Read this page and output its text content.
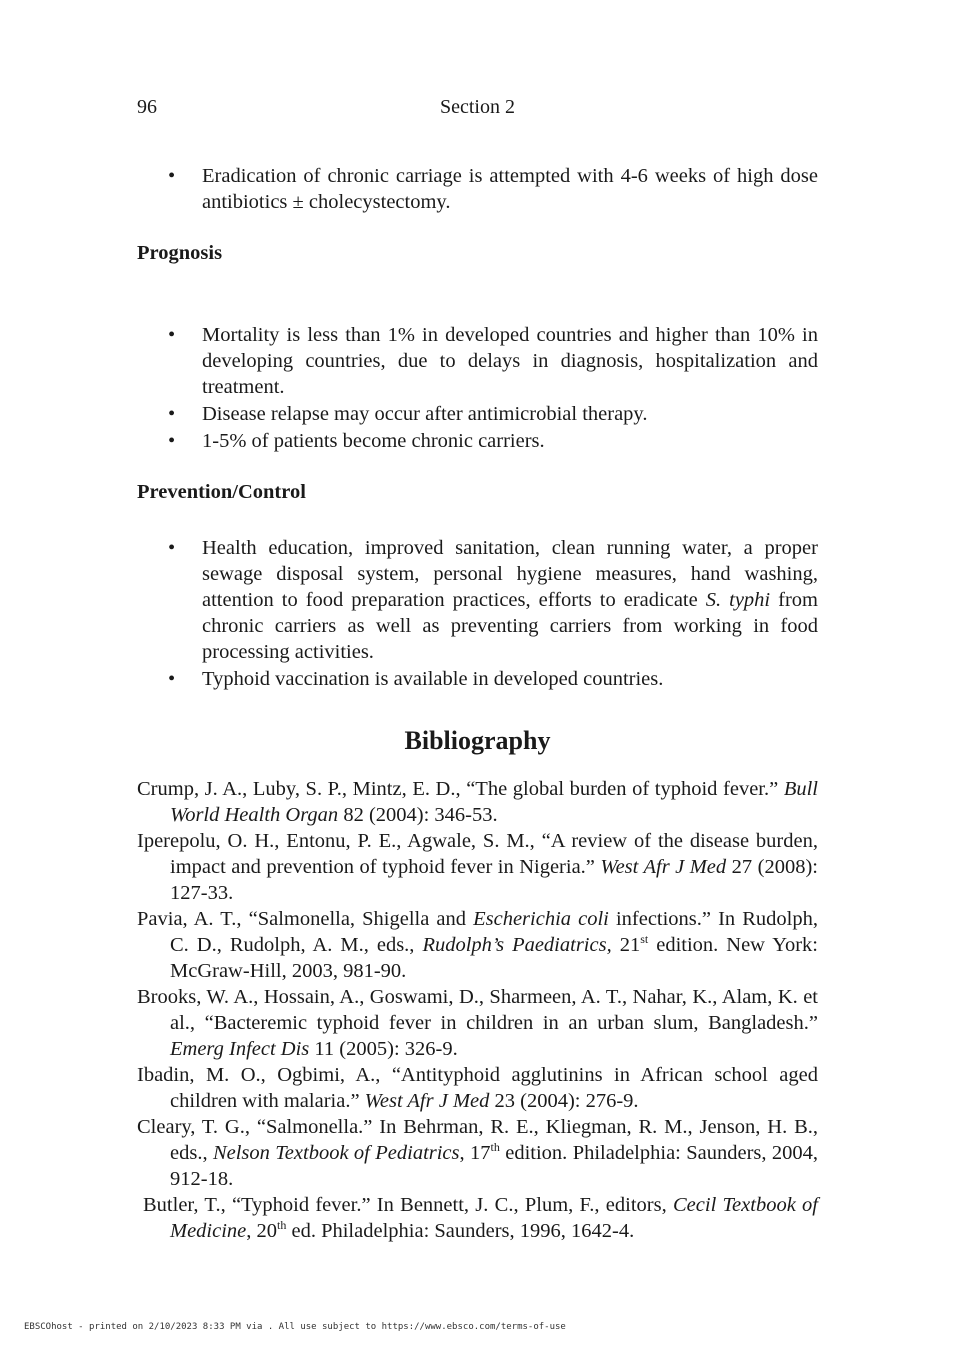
96	Section 2
• Eradication of chronic carriage is attempted with 4-6 weeks of high dose antibiotics ± cholecystectomy.
Prognosis
• Mortality is less than 1% in developed countries and higher than 10% in developing countries, due to delays in diagnosis, hospitalization and treatment.
• Disease relapse may occur after antimicrobial therapy.
• 1-5% of patients become chronic carriers.
Prevention/Control
• Health education, improved sanitation, clean running water, a proper sewage disposal system, personal hygiene measures, hand washing, attention to food preparation practices, efforts to eradicate S. typhi from chronic carriers as well as preventing carriers from working in food processing activities.
• Typhoid vaccination is available in developed countries.
Bibliography

Crump, J. A., Luby, S. P., Mintz, E. D., “The global burden of typhoid fever.” Bull World Health Organ 82 (2004): 346-53.

Iperepolu, O. H., Entonu, P. E., Agwale, S. M., “A review of the disease burden, impact and prevention of typhoid fever in Nigeria.” West Afr J Med 27 (2008): 127-33.

Pavia, A. T., “Salmonella, Shigella and Escherichia coli infections.” In Rudolph, C. D., Rudolph, A. M., eds., Rudolph’s Paediatrics, 21st edition. New York: McGraw-Hill, 2003, 981-90.

Brooks, W. A., Hossain, A., Goswami, D., Sharmeen, A. T., Nahar, K., Alam, K. et al., “Bacteremic typhoid fever in children in an urban slum, Bangladesh.” Emerg Infect Dis 11 (2005): 326-9.

Ibadin, M. O., Ogbimi, A., “Antityphoid agglutinins in African school aged children with malaria.” West Afr J Med 23 (2004): 276-9.

Cleary, T. G., “Salmonella.” In Behrman, R. E., Kliegman, R. M., Jenson, H. B., eds., Nelson Textbook of Pediatrics, 17th edition. Philadelphia: Saunders, 2004, 912-18.

Butler, T., “Typhoid fever.” In Bennett, J. C., Plum, F., editors, Cecil Textbook of Medicine, 20th ed. Philadelphia: Saunders, 1996, 1642-4.

EBSCOhost - printed on 2/10/2023 8:33 PM via . All use subject to https://www.ebsco.com/terms-of-use
